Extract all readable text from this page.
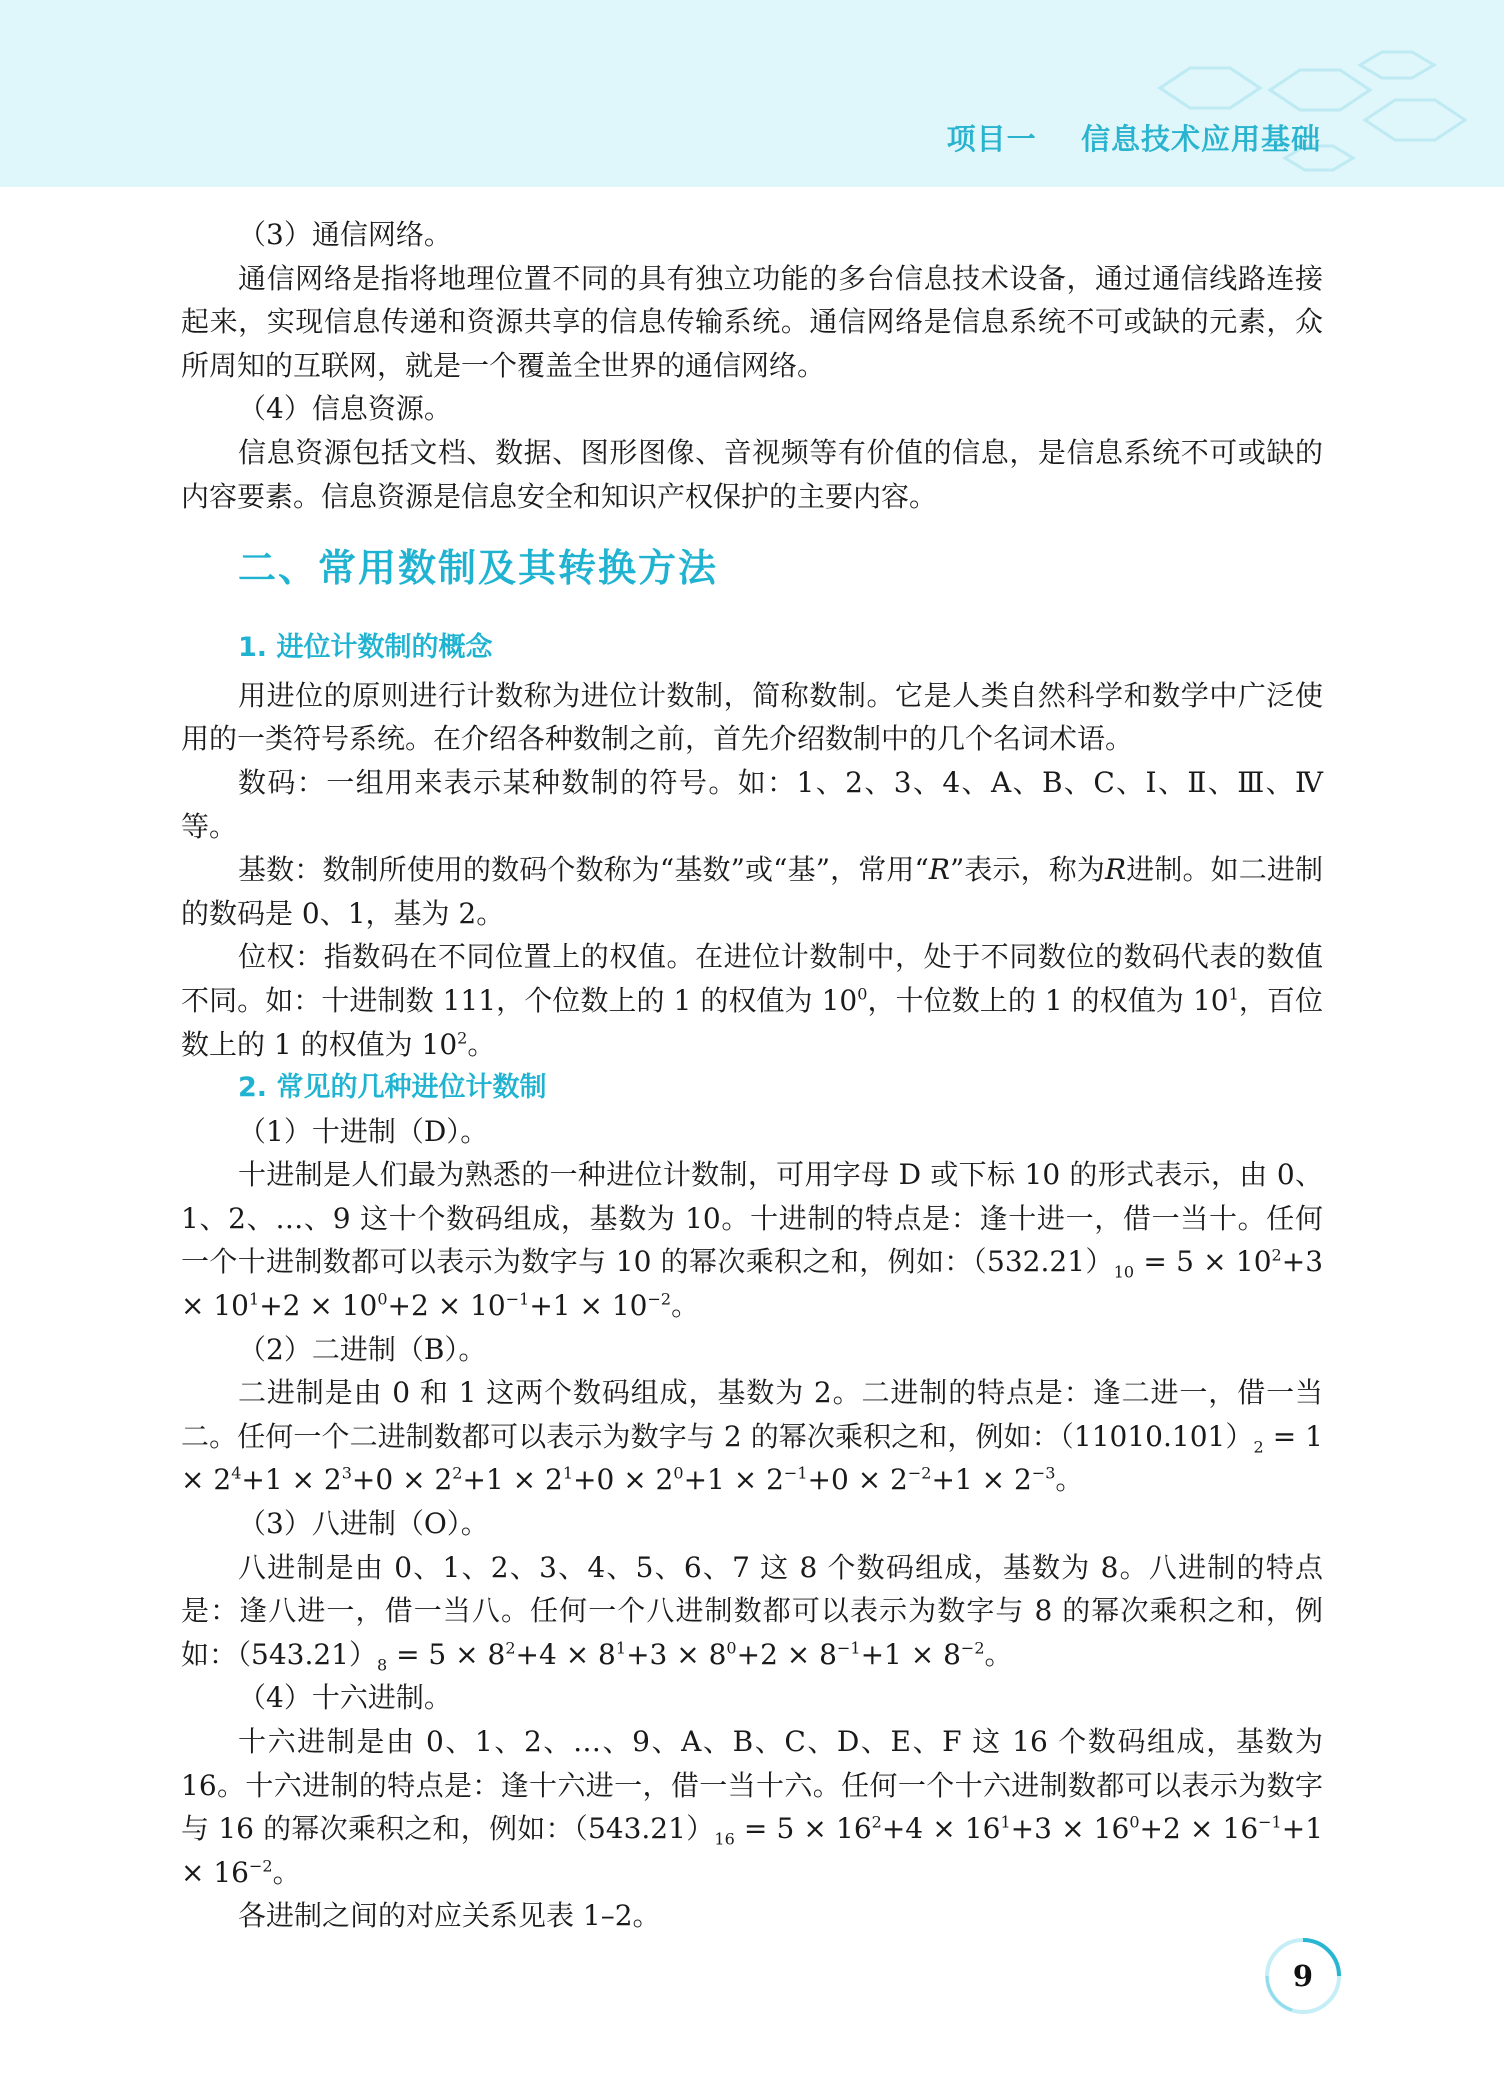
项目一    信息技术应用基础

（3）通信网络。

通信网络是指将地理位置不同的具有独立功能的多台信息技术设备，通过通信线路连接起来，实现信息传递和资源共享的信息传输系统。通信网络是信息系统不可或缺的元素，众所周知的互联网，就是一个覆盖全世界的通信网络。

（4）信息资源。

信息资源包括文档、数据、图形图像、音视频等有价值的信息，是信息系统不可或缺的内容要素。信息资源是信息安全和知识产权保护的主要内容。

二、常用数制及其转换方法
1. 进位计数制的概念

用进位的原则进行计数称为进位计数制，简称数制。它是人类自然科学和数学中广泛使用的一类符号系统。在介绍各种数制之前，首先介绍数制中的几个名词术语。

数码：一组用来表示某种数制的符号。如：1、2、3、4、A、B、C、Ⅰ、Ⅱ、Ⅲ、Ⅳ等。

基数：数制所使用的数码个数称为“基数”或“基”，常用“R”表示，称为R进制。如二进制的数码是 0、1，基为 2。

位权：指数码在不同位置上的权值。在进位计数制中，处于不同数位的数码代表的数值不同。如：十进制数 111，个位数上的 1 的权值为 $10^0$，十位数上的 1 的权值为 $10^1$，百位数上的 1 的权值为 $10^2$。

2. 常见的几种进位计数制

（1）十进制（D）。

十进制是人们最为熟悉的一种进位计数制，可用字母 D 或下标 10 的形式表示，由 0、1、2、…、9 这十个数码组成，基数为 10。十进制的特点是：逢十进一，借一当十。任何一个十进制数都可以表示为数字与 10 的幂次乘积之和，例如：$(532.21)_{10} = 5 \times 10^2+3 \times 10^1+2 \times 10^0+2 \times 10^{-1}+1 \times 10^{-2}$。

（2）二进制（B）。

二进制是由 0 和 1 这两个数码组成，基数为 2。二进制的特点是：逢二进一，借一当二。任何一个二进制数都可以表示为数字与 2 的幂次乘积之和，例如：$(11010.101)_2 = 1 \times 2^4+1 \times 2^3+0 \times 2^2+1 \times 2^1+0 \times 2^0+1 \times 2^{-1}+0 \times 2^{-2}+1 \times 2^{-3}$。

（3）八进制（O）。

八进制是由 0、1、2、3、4、5、6、7 这 8 个数码组成，基数为 8。八进制的特点是：逢八进一，借一当八。任何一个八进制数都可以表示为数字与 8 的幂次乘积之和，例如：$(543.21)_8 = 5 \times 8^2+4 \times 8^1+3 \times 8^0+2 \times 8^{-1}+1 \times 8^{-2}$。

（4）十六进制。

十六进制是由 0、1、2、…、9、A、B、C、D、E、F 这 16 个数码组成，基数为 16。十六进制的特点是：逢十六进一，借一当十六。任何一个十六进制数都可以表示为数字与 16 的幂次乘积之和，例如：$(543.21)_{16} = 5 \times 16^2+4 \times 16^1+3 \times 16^0+2 \times 16^{-1}+1 \times 16^{-2}$。

各进制之间的对应关系见表 1–2。

9
